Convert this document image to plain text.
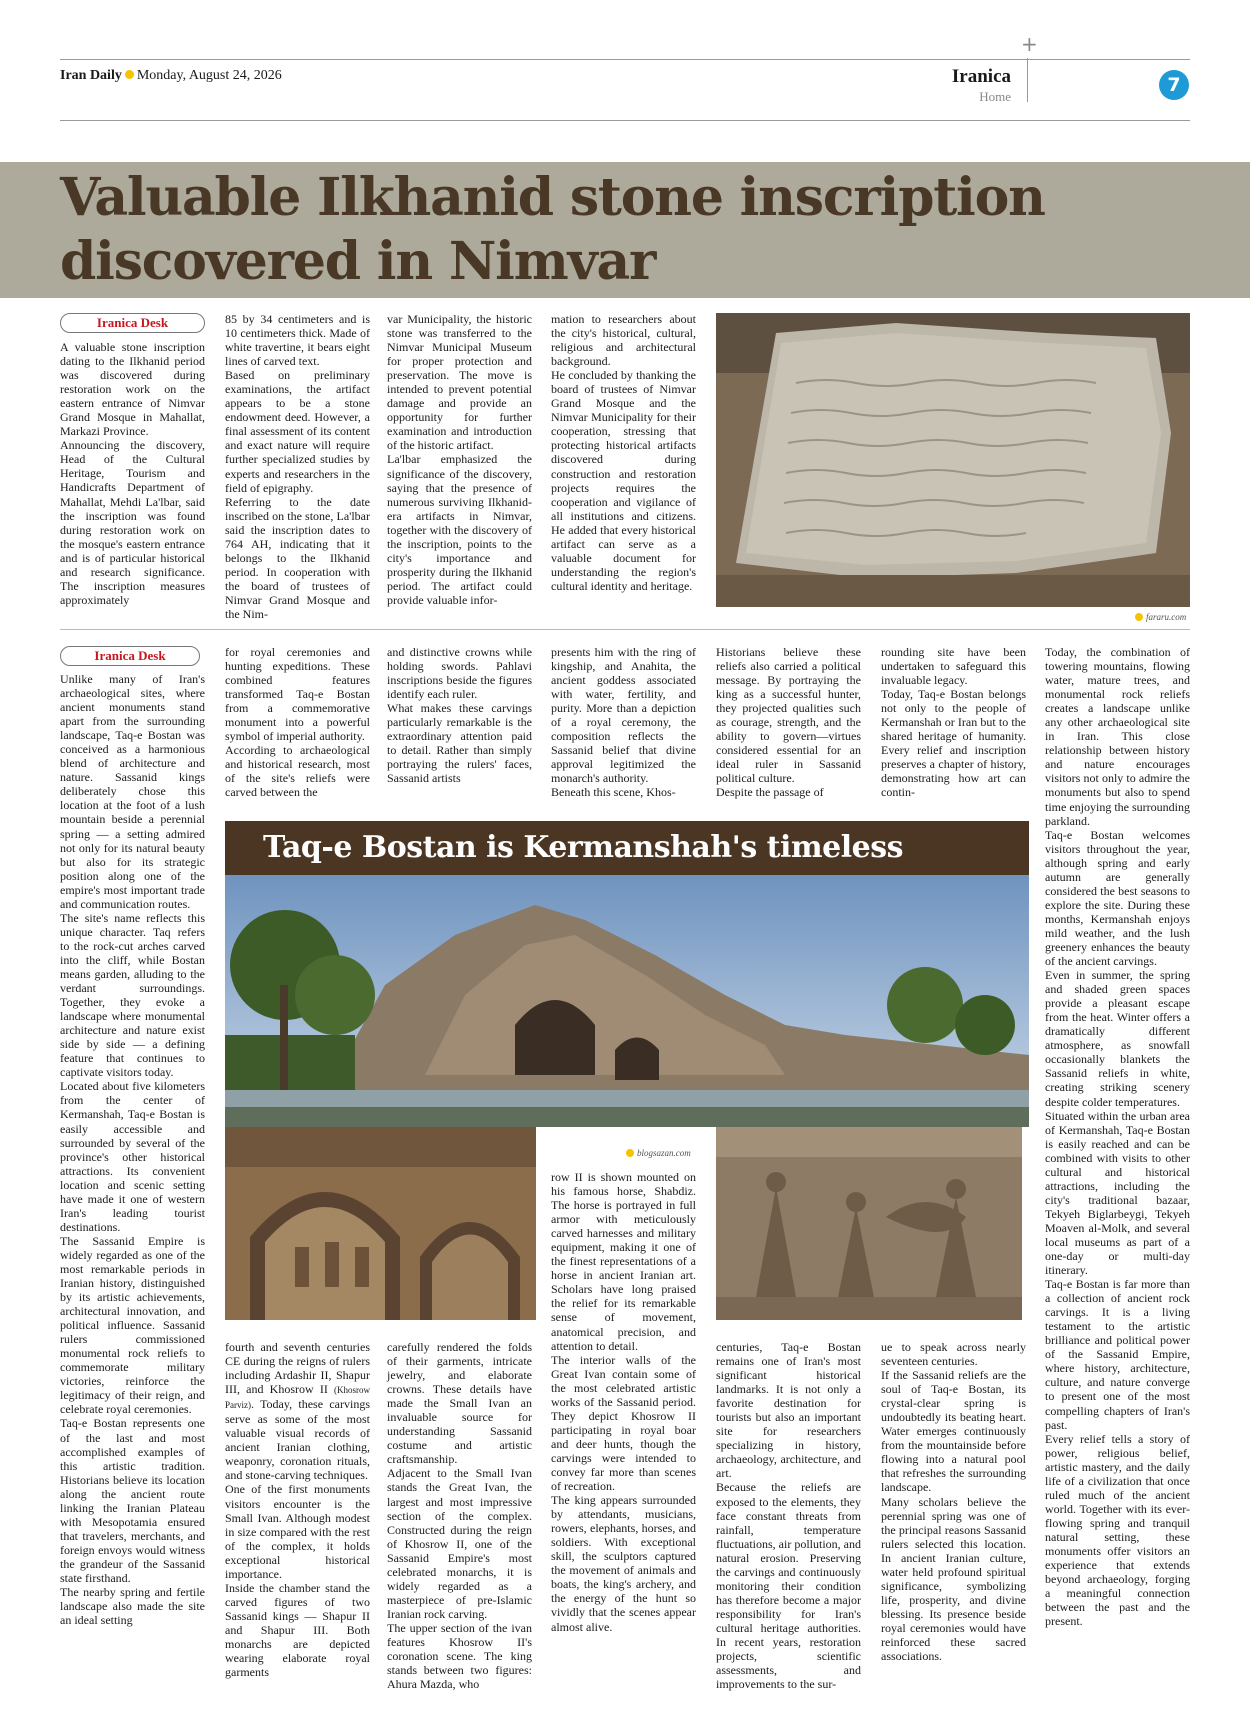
Iran Daily Monday, August 24, 2026
+
Iranica
Home
7
Valuable Ilkhanid stone inscription discovered in Nimvar
Iranica Desk

A valuable stone inscription dating to the Ilkhanid period was discovered during restoration work on the eastern entrance of Nimvar Grand Mosque in Mahallat, Markazi Province.

Announcing the discovery, Head of the Cultural Heritage, Tourism and Handicrafts Department of Mahallat, Mehdi La'lbar, said the inscription was found during restoration work on the mosque's eastern entrance and is of particular historical and research significance. The inscription measures approximately

85 by 34 centimeters and is 10 centimeters thick. Made of white travertine, it bears eight lines of carved text.

Based on preliminary examinations, the artifact appears to be a stone endowment deed. However, a final assessment of its content and exact nature will require further specialized studies by experts and researchers in the field of epigraphy.

Referring to the date inscribed on the stone, La'lbar said the inscription dates to 764 AH, indicating that it belongs to the Ilkhanid period. In cooperation with the board of trustees of Nimvar Grand Mosque and the Nim-

var Municipality, the historic stone was transferred to the Nimvar Municipal Museum for proper protection and preservation. The move is intended to prevent potential damage and provide an opportunity for further examination and introduction of the historic artifact.

La'lbar emphasized the significance of the discovery, saying that the presence of numerous surviving Ilkhanid-era artifacts in Nimvar, together with the discovery of the inscription, points to the city's importance and prosperity during the Ilkhanid period. The artifact could provide valuable infor-

mation to researchers about the city's historical, cultural, religious and architectural background.

He concluded by thanking the board of trustees of Nimvar Grand Mosque and the Nimvar Municipality for their cooperation, stressing that protecting historical artifacts discovered during construction and restoration projects requires the cooperation and vigilance of all institutions and citizens. He added that every historical artifact can serve as a valuable document for understanding the region's cultural identity and heritage.

fararu.com
Iranica Desk

Unlike many of Iran's archaeological sites, where ancient monuments stand apart from the surrounding landscape, Taq-e Bostan was conceived as a harmonious blend of architecture and nature. Sassanid kings deliberately chose this location at the foot of a lush mountain beside a perennial spring — a setting admired not only for its natural beauty but also for its strategic position along one of the empire's most important trade and communication routes.

The site's name reflects this unique character. Taq refers to the rock-cut arches carved into the cliff, while Bostan means garden, alluding to the verdant surroundings. Together, they evoke a landscape where monumental architecture and nature exist side by side — a defining feature that continues to captivate visitors today.

Located about five kilometers from the center of Kermanshah, Taq-e Bostan is easily accessible and surrounded by several of the province's other historical attractions. Its convenient location and scenic setting have made it one of western Iran's leading tourist destinations.

The Sassanid Empire is widely regarded as one of the most remarkable periods in Iranian history, distinguished by its artistic achievements, architectural innovation, and political influence. Sassanid rulers commissioned monumental rock reliefs to commemorate military victories, reinforce the legitimacy of their reign, and celebrate royal ceremonies.

Taq-e Bostan represents one of the last and most accomplished examples of this artistic tradition. Historians believe its location along the ancient route linking the Iranian Plateau with Mesopotamia ensured that travelers, merchants, and foreign envoys would witness the grandeur of the Sassanid state firsthand.

The nearby spring and fertile landscape also made the site an ideal setting

for royal ceremonies and hunting expeditions. These combined features transformed Taq-e Bostan from a commemorative monument into a powerful symbol of imperial authority.

According to archaeological and historical research, most of the site's reliefs were carved between the

and distinctive crowns while holding swords. Pahlavi inscriptions beside the figures identify each ruler.

What makes these carvings particularly remarkable is the extraordinary attention paid to detail. Rather than simply portraying the rulers' faces, Sassanid artists

presents him with the ring of kingship, and Anahita, the ancient goddess associated with water, fertility, and purity. More than a depiction of a royal ceremony, the composition reflects the Sassanid belief that divine approval legitimized the monarch's authority.

Beneath this scene, Khos-

Historians believe these reliefs also carried a political message. By portraying the king as a successful hunter, they projected qualities such as courage, strength, and the ability to govern—virtues considered essential for an ideal ruler in Sassanid political culture.

Despite the passage of

rounding site have been undertaken to safeguard this invaluable legacy.

Today, Taq-e Bostan belongs not only to the people of Kermanshah or Iran but to the shared heritage of humanity. Every relief and inscription preserves a chapter of history, demonstrating how art can contin-

Today, the combination of towering mountains, flowing water, mature trees, and monumental rock reliefs creates a landscape unlike any other archaeological site in Iran. This close relationship between history and nature encourages visitors not only to admire the monuments but also to spend time enjoying the surrounding parkland.

Taq-e Bostan welcomes visitors throughout the year, although spring and early autumn are generally considered the best seasons to explore the site. During these months, Kermanshah enjoys mild weather, and the lush greenery enhances the beauty of the ancient carvings.

Even in summer, the spring and shaded green spaces provide a pleasant escape from the heat. Winter offers a dramatically different atmosphere, as snowfall occasionally blankets the Sassanid reliefs in white, creating striking scenery despite colder temperatures.

Situated within the urban area of Kermanshah, Taq-e Bostan is easily reached and can be combined with visits to other cultural and historical attractions, including the city's traditional bazaar, Tekyeh Biglarbeygi, Tekyeh Moaven al-Molk, and several local museums as part of a one-day or multi-day itinerary.

Taq-e Bostan is far more than a collection of ancient rock carvings. It is a living testament to the artistic brilliance and political power of the Sassanid Empire, where history, architecture, culture, and nature converge to present one of the most compelling chapters of Iran's past.

Every relief tells a story of power, religious belief, artistic mastery, and the daily life of a civilization that once ruled much of the ancient world. Together with its ever-flowing spring and tranquil natural setting, these monuments offer visitors an experience that extends beyond archaeology, forging a meaningful connection between the past and the present.

Taq-e Bostan is Kermanshah's timeless
blogsazan.com

fourth and seventh centuries CE during the reigns of rulers including Ardashir II, Shapur III, and Khosrow II (Khosrow Parviz). Today, these carvings serve as some of the most valuable visual records of ancient Iranian clothing, weaponry, coronation rituals, and stone-carving techniques.

One of the first monuments visitors encounter is the Small Ivan. Although modest in size compared with the rest of the complex, it holds exceptional historical importance.

Inside the chamber stand the carved figures of two Sassanid kings — Shapur II and Shapur III. Both monarchs are depicted wearing elaborate royal garments

carefully rendered the folds of their garments, intricate jewelry, and elaborate crowns. These details have made the Small Ivan an invaluable source for understanding Sassanid costume and artistic craftsmanship.

Adjacent to the Small Ivan stands the Great Ivan, the largest and most impressive section of the complex. Constructed during the reign of Khosrow II, one of the Sassanid Empire's most celebrated monarchs, it is widely regarded as a masterpiece of pre-Islamic Iranian rock carving.

The upper section of the ivan features Khosrow II's coronation scene. The king stands between two figures: Ahura Mazda, who

row II is shown mounted on his famous horse, Shabdiz. The horse is portrayed in full armor with meticulously carved harnesses and military equipment, making it one of the finest representations of a horse in ancient Iranian art. Scholars have long praised the relief for its remarkable sense of movement, anatomical precision, and attention to detail.

The interior walls of the Great Ivan contain some of the most celebrated artistic works of the Sassanid period. They depict Khosrow II participating in royal boar and deer hunts, though the carvings were intended to convey far more than scenes of recreation.

The king appears surrounded by attendants, musicians, rowers, elephants, horses, and soldiers. With exceptional skill, the sculptors captured the movement of animals and boats, the king's archery, and the energy of the hunt so vividly that the scenes appear almost alive.

centuries, Taq-e Bostan remains one of Iran's most significant historical landmarks. It is not only a favorite destination for tourists but also an important site for researchers specializing in history, archaeology, architecture, and art.

Because the reliefs are exposed to the elements, they face constant threats from rainfall, temperature fluctuations, air pollution, and natural erosion. Preserving the carvings and continuously monitoring their condition has therefore become a major responsibility for Iran's cultural heritage authorities. In recent years, restoration projects, scientific assessments, and improvements to the sur-

ue to speak across nearly seventeen centuries.

If the Sassanid reliefs are the soul of Taq-e Bostan, its crystal-clear spring is undoubtedly its beating heart. Water emerges continuously from the mountainside before flowing into a natural pool that refreshes the surrounding landscape.

Many scholars believe the perennial spring was one of the principal reasons Sassanid rulers selected this location. In ancient Iranian culture, water held profound spiritual significance, symbolizing life, prosperity, and divine blessing. Its presence beside royal ceremonies would have reinforced these sacred associations.
